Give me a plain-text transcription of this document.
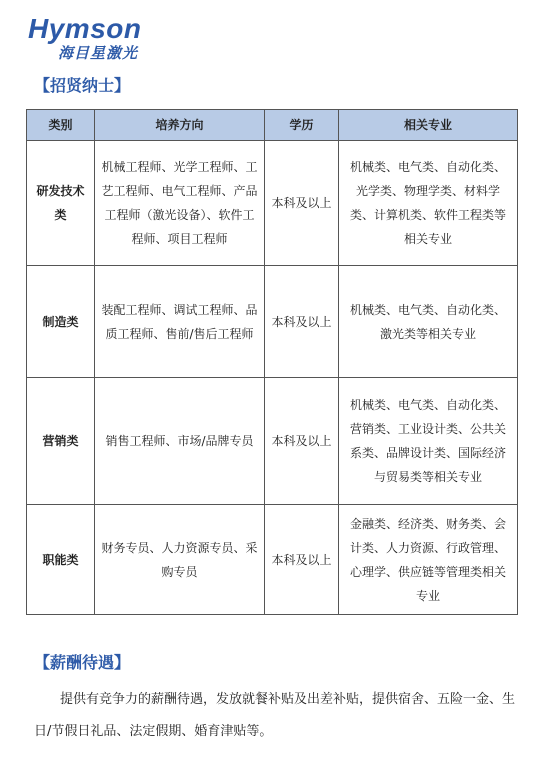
Hymson
海目星激光
【招贤纳士】
类别	培养方向	学历	相关专业
研发技术类	机械工程师、光学工程师、工艺工程师、电气工程师、产品工程师（激光设备）、软件工程师、项目工程师	本科及以上	机械类、电气类、自动化类、光学类、物理学类、材料学类、计算机类、软件工程类等相关专业
制造类	装配工程师、调试工程师、品质工程师、售前/售后工程师	本科及以上	机械类、电气类、自动化类、激光类等相关专业
营销类	销售工程师、市场/品牌专员	本科及以上	机械类、电气类、自动化类、营销类、工业设计类、公共关系类、品牌设计类、国际经济与贸易类等相关专业
职能类	财务专员、人力资源专员、采购专员	本科及以上	金融类、经济类、财务类、会计类、人力资源、行政管理、心理学、供应链等管理类相关专业
【薪酬待遇】

提供有竞争力的薪酬待遇，发放就餐补贴及出差补贴，提供宿舍、五险一金、生日/节假日礼品、法定假期、婚育津贴等。
